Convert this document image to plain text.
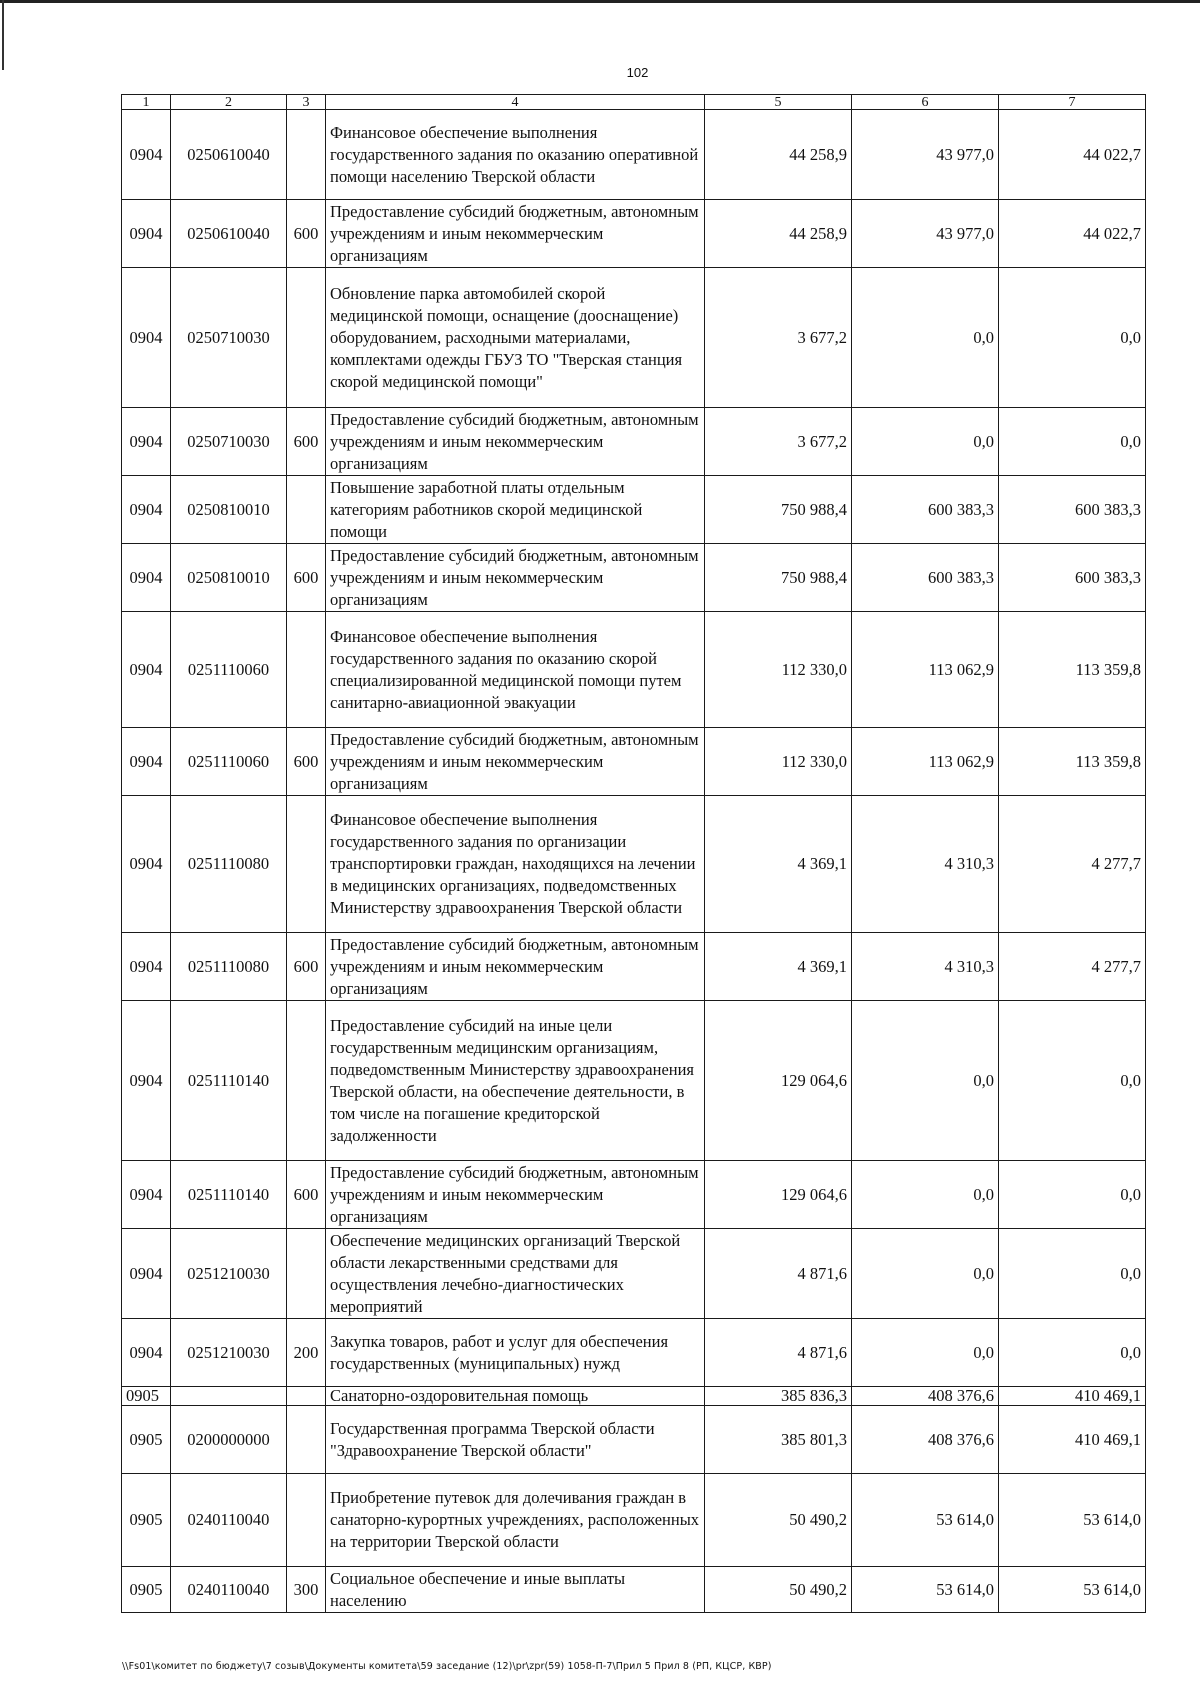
102
1	2	3	4	5	6	7
0904	0250610040		Финансовое обеспечение выполнения государственного задания по оказанию оперативной помощи населению Тверской области	44 258,9	43 977,0	44 022,7
0904	0250610040	600	Предоставление субсидий бюджетным, автономным учреждениям и иным некоммерческим организациям	44 258,9	43 977,0	44 022,7
0904	0250710030		Обновление парка автомобилей скорой медицинской помощи, оснащение (дооснащение) оборудованием, расходными материалами, комплектами одежды ГБУЗ ТО "Тверская станция скорой медицинской помощи"	3 677,2	0,0	0,0
0904	0250710030	600	Предоставление субсидий бюджетным, автономным учреждениям и иным некоммерческим организациям	3 677,2	0,0	0,0
0904	0250810010		Повышение заработной платы отдельным категориям работников скорой медицинской помощи	750 988,4	600 383,3	600 383,3
0904	0250810010	600	Предоставление субсидий бюджетным, автономным учреждениям и иным некоммерческим организациям	750 988,4	600 383,3	600 383,3
0904	0251110060		Финансовое обеспечение выполнения государственного задания по оказанию скорой специализированной медицинской помощи путем санитарно-авиационной эвакуации	112 330,0	113 062,9	113 359,8
0904	0251110060	600	Предоставление субсидий бюджетным, автономным учреждениям и иным некоммерческим организациям	112 330,0	113 062,9	113 359,8
0904	0251110080		Финансовое обеспечение выполнения государственного задания по организации транспортировки граждан, находящихся на лечении в медицинских организациях, подведомственных Министерству здравоохранения Тверской области	4 369,1	4 310,3	4 277,7
0904	0251110080	600	Предоставление субсидий бюджетным, автономным учреждениям и иным некоммерческим организациям	4 369,1	4 310,3	4 277,7
0904	0251110140		Предоставление субсидий на иные цели государственным медицинским организациям, подведомственным Министерству здравоохранения Тверской области, на обеспечение деятельности, в том числе на погашение кредиторской задолженности	129 064,6	0,0	0,0
0904	0251110140	600	Предоставление субсидий бюджетным, автономным учреждениям и иным некоммерческим организациям	129 064,6	0,0	0,0
0904	0251210030		Обеспечение медицинских организаций Тверской области лекарственными средствами для осуществления лечебно-диагностических мероприятий	4 871,6	0,0	0,0
0904	0251210030	200	Закупка товаров, работ и услуг для обеспечения государственных (муниципальных) нужд	4 871,6	0,0	0,0
0905			Санаторно-оздоровительная помощь	385 836,3	408 376,6	410 469,1
0905	0200000000		Государственная программа Тверской области "Здравоохранение Тверской области"	385 801,3	408 376,6	410 469,1
0905	0240110040		Приобретение путевок для долечивания граждан в санаторно-курортных учреждениях, расположенных на территории Тверской области	50 490,2	53 614,0	53 614,0
0905	0240110040	300	Социальное обеспечение и иные выплаты населению	50 490,2	53 614,0	53 614,0
\\Fs01\комитет по бюджету\7 созыв\Документы комитета\59 заседание (12)\pr\zpr(59) 1058-П-7\Прил 5 Прил 8 (РП, КЦСР, КВР)
